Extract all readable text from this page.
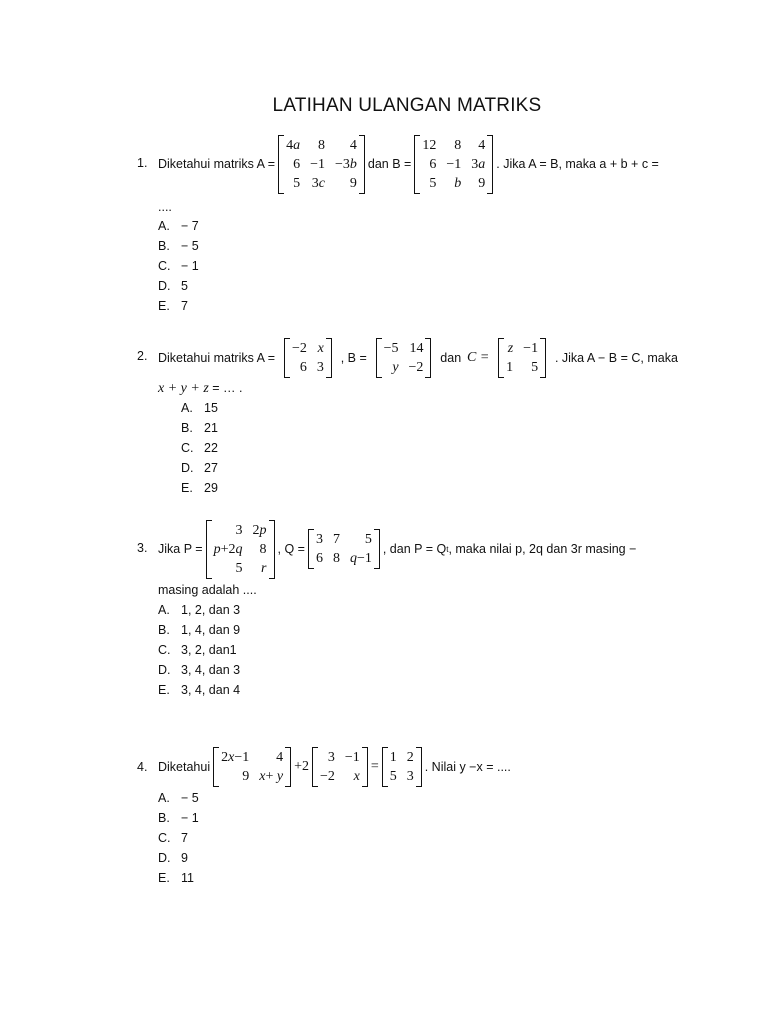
LATIHAN ULANGAN MATRIKS
1. Diketahui matriks A =
4a	8	4
6 −1 −3b
5 3c	9
dan B =
12	8	4
6 −1 3a
5	b	9
. Jika A = B, maka a + b + c =
....
A. − 7
B. − 5
C. − 1
D. 5
E. 7
2. Diketahui matriks A =
−2 x
6 3
, B =
−5 14
y −2
dan C =
z −1
1	5
. Jika A − B = C, maka
x + y + z = … .
A. 15
B. 21
C. 22
D. 27
E. 29
3. Jika P =
3 2p
p+2q	8
5	r
, Q =
3 7	5
6 8 q−1
, dan P = Q t , maka nilai p, 2q dan 3r masing −
masing adalah ....
A. 1, 2, dan 3
B. 1, 4, dan 9
C. 3, 2, dan1
D. 3, 4, dan 3
E. 3, 4, dan 4
4. Diketahui
2x−1	4
9 x+ y
+2
3 −1
−2	x
=
1 2
5 3
. Nilai y −x = ....
A. − 5
B. − 1
C. 7
D. 9
E. 11
